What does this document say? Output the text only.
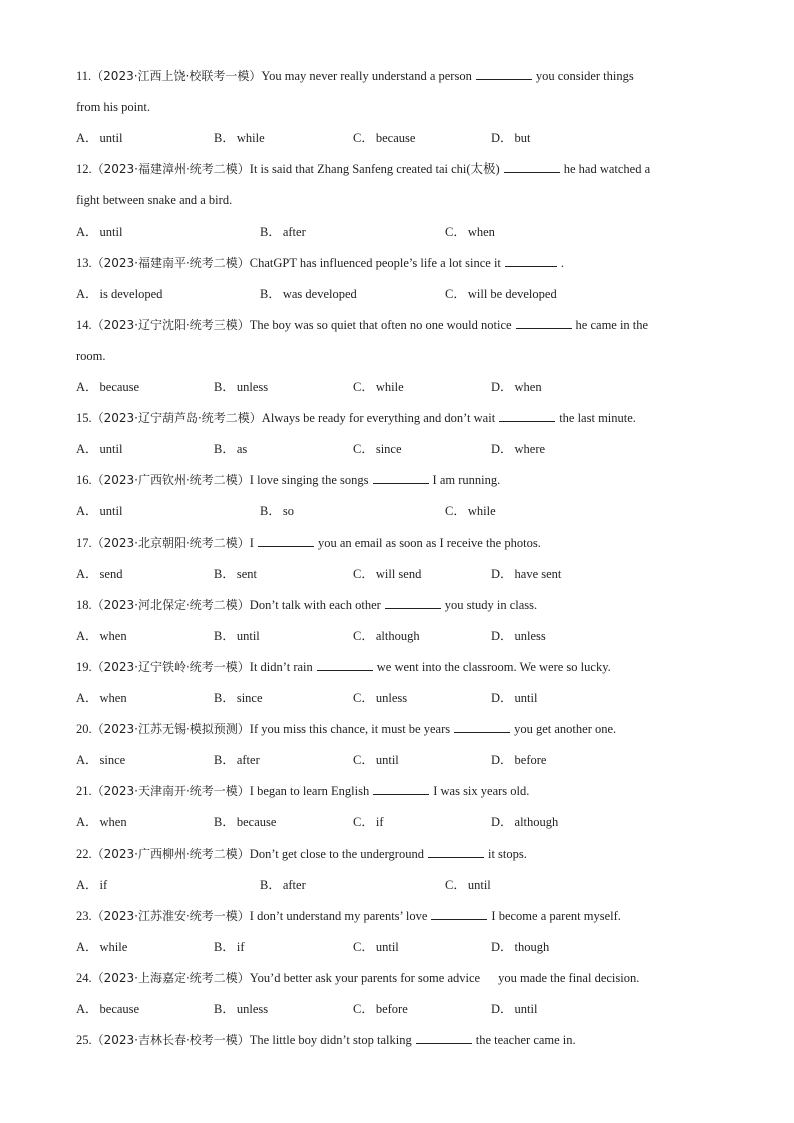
11.（2023·江西上饶·校联考一模）You may never really understand a person	you consider things
from his point.
A． until	B． while	C． because	D． but
12.（2023·福建漳州·统考二模）It is said that Zhang Sanfeng created tai chi(太极)	he had watched a
fight between snake and a bird.
A． until	B． after	C． when
13.（2023·福建南平·统考二模）ChatGPT has influenced people’s life a lot since it	.
A． is developed	B． was developed	C． will be developed
14.（2023·辽宁沈阳·统考三模）The boy was so quiet that often no one would notice	he came in the
room.
A． because	B． unless	C． while	D． when
15.（2023·辽宁葫芦岛·统考二模）Always be ready for everything and don’t wait	the last minute.
A． until	B． as	C． since	D． where
16.（2023·广西钦州·统考二模）I love singing the songs	I am running.
A． until	B． so	C． while
17.（2023·北京朝阳·统考二模）I	you an email as soon as I receive the photos.
A． send	B． sent	C． will send	D． have sent
18.（2023·河北保定·统考二模）Don’t talk with each other	you study in class.
A． when	B． until	C． although	D． unless
19.（2023·辽宁铁岭·统考一模）It didn’t rain	we went into the classroom. We were so lucky.
A． when	B． since	C． unless	D． until
20.（2023·江苏无锡·模拟预测）If you miss this chance, it must be years	you get another one.
A． since	B． after	C． until	D． before
21.（2023·天津南开·统考一模）I began to learn English	I was six years old.
A． when	B． because	C． if	D． although
22.（2023·广西柳州·统考二模）Don’t get close to the underground	it stops.
A． if	B． after	C． until
23.（2023·江苏淮安·统考一模）I don’t understand my parents’ love	I become a parent myself.
A． while	B． if	C． until	D． though
24.（2023·上海嘉定·统考二模）You’d better ask your parents for some advice you made the final decision.
A． because	B． unless	C． before	D． until
25.（2023·吉林长春·校考一模）The little boy didn’t stop talking	the teacher came in.
